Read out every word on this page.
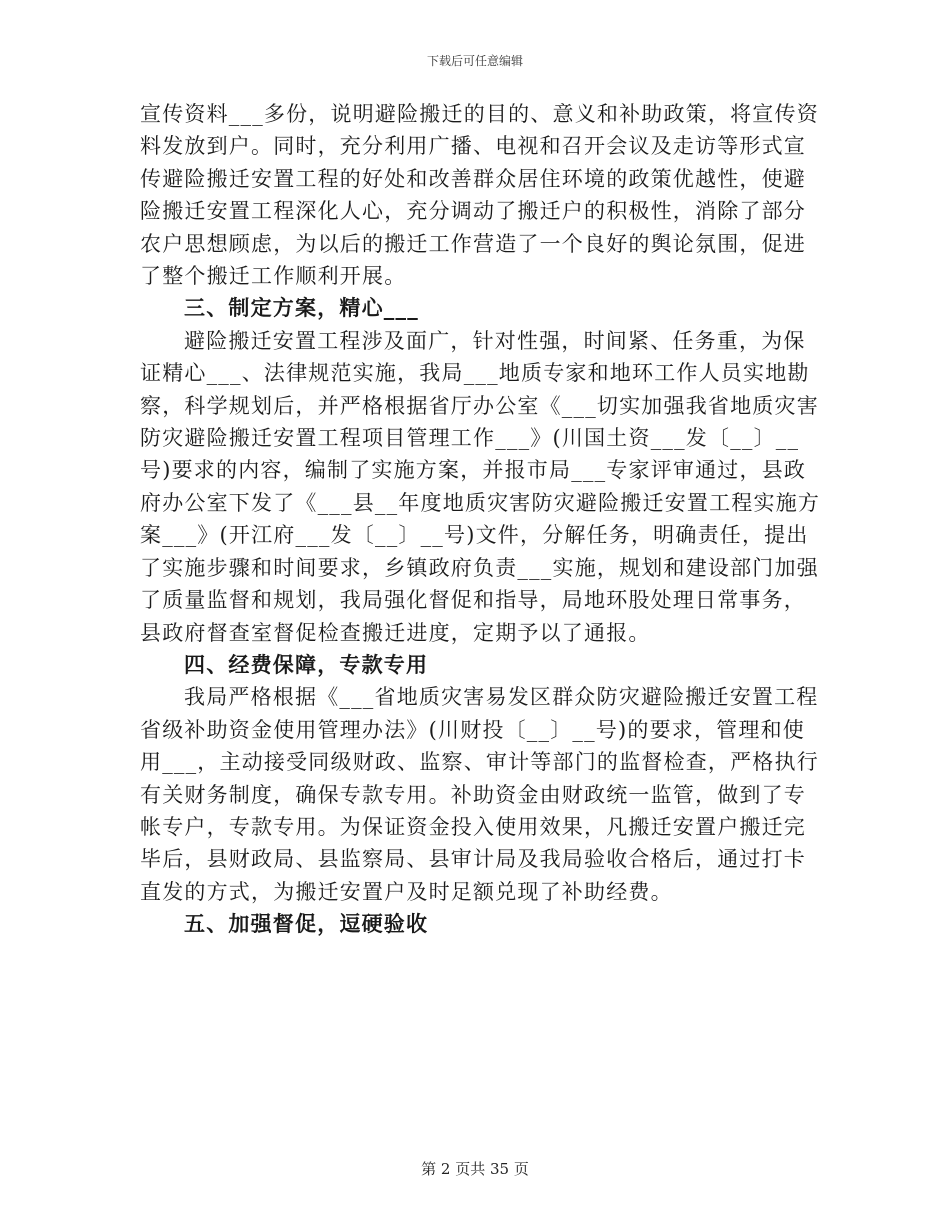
下载后可任意编辑
宣传资料___多份，说明避险搬迁的目的、意义和补助政策，将宣传资
料发放到户。同时，充分利用广播、电视和召开会议及走访等形式宣
传避险搬迁安置工程的好处和改善群众居住环境的政策优越性，使避
险搬迁安置工程深化人心，充分调动了搬迁户的积极性，消除了部分
农户思想顾虑，为以后的搬迁工作营造了一个良好的舆论氛围，促进
了整个搬迁工作顺利开展。
三、制定方案，精心___
避险搬迁安置工程涉及面广，针对性强，时间紧、任务重，为保
证精心___、法律规范实施，我局___地质专家和地环工作人员实地勘
察，科学规划后，并严格根据省厅办公室《___切实加强我省地质灾害
防灾避险搬迁安置工程项目管理工作___》(川国土资___发〔__〕__
号)要求的内容，编制了实施方案，并报市局___专家评审通过，县政
府办公室下发了《___县__年度地质灾害防灾避险搬迁安置工程实施方
案___》(开江府___发〔__〕__号)文件，分解任务，明确责任，提出
了实施步骤和时间要求，乡镇政府负责___实施，规划和建设部门加强
了质量监督和规划，我局强化督促和指导，局地环股处理日常事务，
县政府督查室督促检查搬迁进度，定期予以了通报。
四、经费保障，专款专用
我局严格根据《___省地质灾害易发区群众防灾避险搬迁安置工程
省级补助资金使用管理办法》(川财投〔__〕__号)的要求，管理和使
用___，主动接受同级财政、监察、审计等部门的监督检查，严格执行
有关财务制度，确保专款专用。补助资金由财政统一监管，做到了专
帐专户，专款专用。为保证资金投入使用效果，凡搬迁安置户搬迁完
毕后，县财政局、县监察局、县审计局及我局验收合格后，通过打卡
直发的方式，为搬迁安置户及时足额兑现了补助经费。
五、加强督促，逗硬验收
第 2 页共 35 页
